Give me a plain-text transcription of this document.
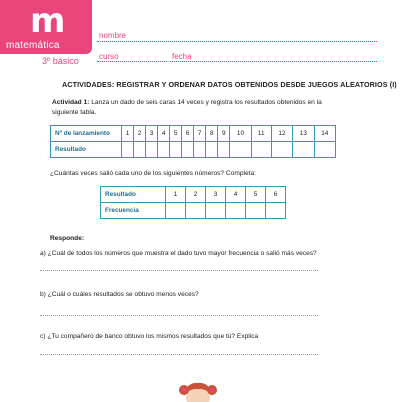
m
matemática
3º básico
nombre
curso	fecha
ACTIVIDADES: REGISTRAR Y ORDENAR DATOS OBTENIDOS DESDE JUEGOS ALEATORIOS (I)
Actividad 1: Lanza un dado de seis caras 14 veces y registra los resultados obtenidos en la siguiente tabla.
Nº de lanzamiento	1	2	3	4	5	6	7	8	9	10	11	12	13	14
Resultado														
¿Cuántas veces salió cada uno de los siguientes números? Completa:
Resultado	1	2	3	4	5	6
Frecuencia						
Responde:
a) ¿Cuál de todos los números que muestra el dado tuvo mayor frecuencia o salió más veces?
b) ¿Cuál o cuáles resultados se obtuvo menos veces?
c) ¿Tu compañero de banco obtuvo los mismos resultados que tú? Explica
